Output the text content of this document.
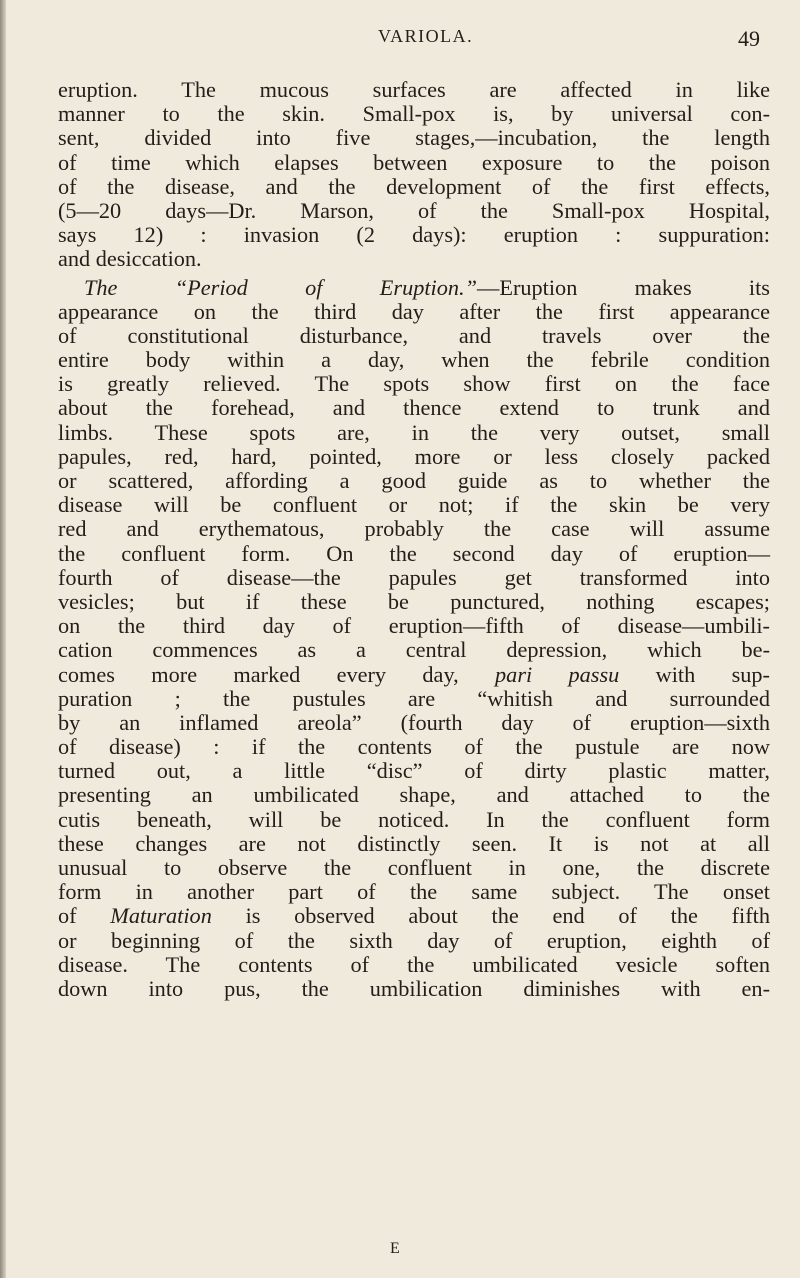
VARIOLA.	49
eruption. The mucous surfaces are affected in like
manner to the skin. Small-pox is, by universal con-
sent, divided into five stages,—incubation, the length
of time which elapses between exposure to the poison
of the disease, and the development of the first effects,
(5—20 days—Dr. Marson, of the Small-pox Hospital,
says 12) : invasion (2 days): eruption : suppuration:
and desiccation.
The “Period of Eruption.”—Eruption makes its
appearance on the third day after the first appearance
of constitutional disturbance, and travels over the
entire body within a day, when the febrile condition
is greatly relieved. The spots show first on the face
about the forehead, and thence extend to trunk and
limbs. These spots are, in the very outset, small
papules, red, hard, pointed, more or less closely packed
or scattered, affording a good guide as to whether the
disease will be confluent or not; if the skin be very
red and erythematous, probably the case will assume
the confluent form. On the second day of eruption—
fourth of disease—the papules get transformed into
vesicles; but if these be punctured, nothing escapes;
on the third day of eruption—fifth of disease—umbili-
cation commences as a central depression, which be-
comes more marked every day, pari passu with sup-
puration ; the pustules are “whitish and surrounded
by an inflamed areola” (fourth day of eruption—sixth
of disease) : if the contents of the pustule are now
turned out, a little “disc” of dirty plastic matter,
presenting an umbilicated shape, and attached to the
cutis beneath, will be noticed. In the confluent form
these changes are not distinctly seen. It is not at all
unusual to observe the confluent in one, the discrete
form in another part of the same subject. The onset
of Maturation is observed about the end of the fifth
or beginning of the sixth day of eruption, eighth of
disease. The contents of the umbilicated vesicle soften
down into pus, the umbilication diminishes with en-
E
